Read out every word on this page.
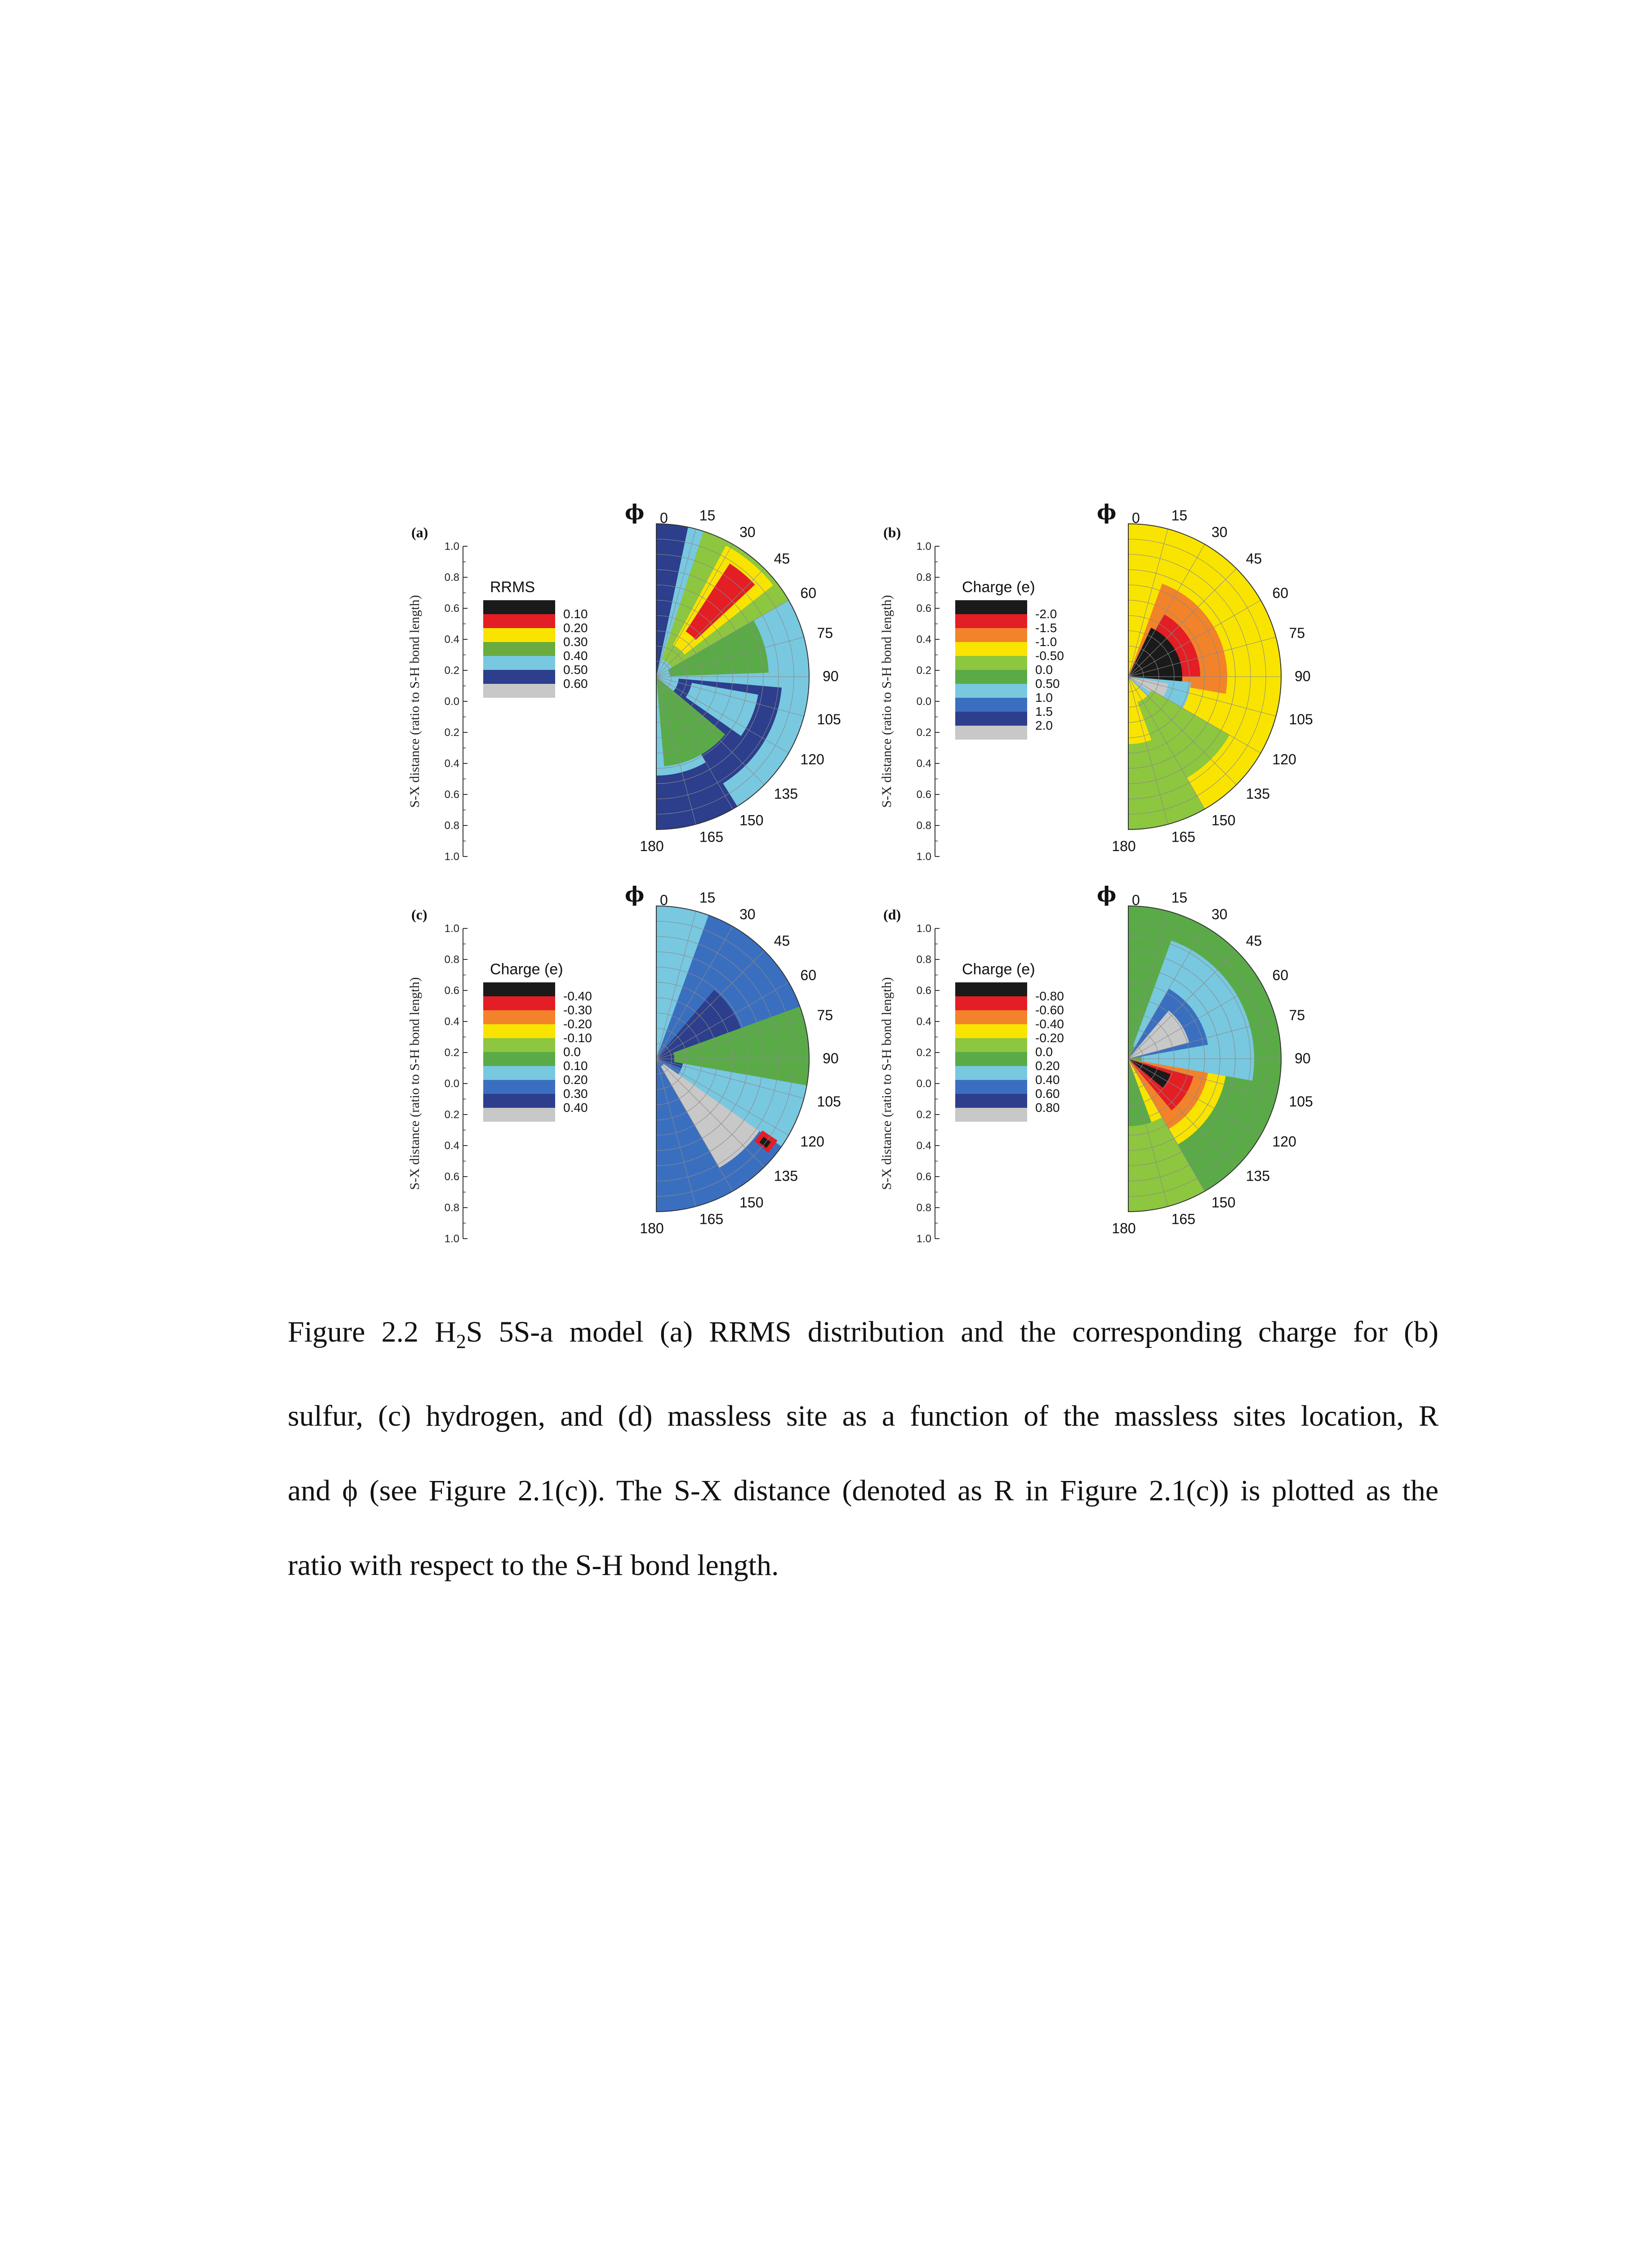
(a)
1.0
0.8
0.6
0.4
0.2
0.0
0.2
0.4
0.6
0.8
1.0
S-X distance (ratio to S-H bond length)
RRMS
0.10
0.20
0.30
0.40
0.50
0.60
0 15
30
45
60
75
90
105
120
135
150
165
180
ϕ
(b)
1.0
0.8
0.6
0.4
0.2
0.0
0.2
0.4
0.6
0.8
1.0
S-X distance (ratio to S-H bond length)
Charge (e)
-2.0
-1.5
-1.0
-0.50
0.0
0.50
1.0
1.5
2.0
0 15
30
45
60
75
90
105
120
135
150
165
180
ϕ
(c)
1.0
0.8
0.6
0.4
0.2
0.0
0.2
0.4
0.6
0.8
1.0
S-X distance (ratio to S-H bond length)
Charge (e)
-0.40
-0.30
-0.20
-0.10
0.0
0.10
0.20
0.30
0.40
0 15
30
45
60
75
90
105
120
135
150
165
180
ϕ
(d)
1.0
0.8
0.6
0.4
0.2
0.0
0.2
0.4
0.6
0.8
1.0
S-X distance (ratio to S-H bond length)
Charge (e)
-0.80
-0.60
-0.40
-0.20
0.0
0.20
0.40
0.60
0.80
0 15
30
45
60
75
90
105
120
135
150
165
180
ϕ
Figure 2.2 $H_2S$ 5S-a model (a) RRMS distribution and the corresponding charge for (b)
sulfur, (c) hydrogen, and (d) massless site as a function of the massless sites location, R
and ϕ (see Figure 2.1(c)). The S-X distance (denoted as R in Figure 2.1(c)) is plotted as the
ratio with respect to the S-H bond length.
